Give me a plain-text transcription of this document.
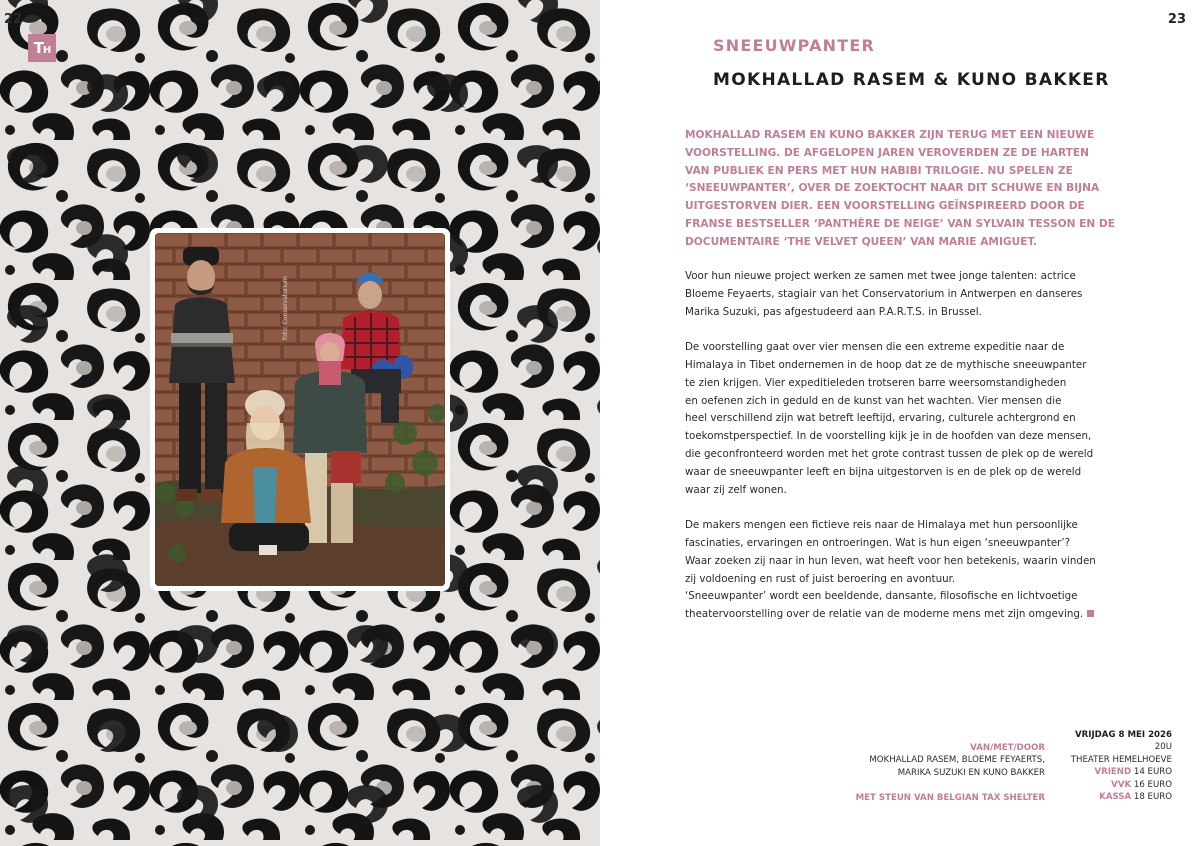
22
TH
foto: Conservatorium
23
SNEEUWPANTER
MOKHALLAD RASEM & KUNO BAKKER
MOKHALLAD RASEM EN KUNO BAKKER ZIJN TERUG MET EEN NIEUWE
VOORSTELLING. DE AFGELOPEN JAREN VEROVERDEN ZE DE HARTEN
VAN PUBLIEK EN PERS MET HUN HABIBI TRILOGIE. NU SPELEN ZE
‘SNEEUWPANTER’, OVER DE ZOEKTOCHT NAAR DIT SCHUWE EN BIJNA
UITGESTORVEN DIER. EEN VOORSTELLING GEÏNSPIREERD DOOR DE
FRANSE BESTSELLER ‘PANTHÈRE DE NEIGE’ VAN SYLVAIN TESSON EN DE
DOCUMENTAIRE ‘THE VELVET QUEEN’ VAN MARIE AMIGUET.
Voor hun nieuwe project werken ze samen met twee jonge talenten: actrice
Bloeme Feyaerts, stagiair van het Conservatorium in Antwerpen en danseres
Marika Suzuki, pas afgestudeerd aan P.A.R.T.S. in Brussel.
De voorstelling gaat over vier mensen die een extreme expeditie naar de
Himalaya in Tibet ondernemen in de hoop dat ze de mythische sneeuwpanter
te zien krijgen. Vier expeditieleden trotseren barre weersomstandigheden
en oefenen zich in geduld en de kunst van het wachten. Vier mensen die
heel verschillend zijn wat betreft leeftijd, ervaring, culturele achtergrond en
toekomstperspectief. In de voorstelling kijk je in de hoofden van deze mensen,
die geconfronteerd worden met het grote contrast tussen de plek op de wereld
waar de sneeuwpanter leeft en bijna uitgestorven is en de plek op de wereld
waar zij zelf wonen.
De makers mengen een fictieve reis naar de Himalaya met hun persoonlijke
fascinaties, ervaringen en ontroeringen. Wat is hun eigen ‘sneeuwpanter’?
Waar zoeken zij naar in hun leven, wat heeft voor hen betekenis, waarin vinden
zij voldoening en rust of juist beroering en avontuur.
‘Sneeuwpanter’ wordt een beeldende, dansante, filosofische en lichtvoetige
theatervoorstelling over de relatie van de moderne mens met zijn omgeving.
VAN/MET/DOOR
MOKHALLAD RASEM, BLOEME FEYAERTS,
MARIKA SUZUKI EN KUNO BAKKER
MET STEUN VAN BELGIAN TAX SHELTER
VRIJDAG 8 MEI 2026
20U
THEATER HEMELHOEVE
VRIEND 14 EURO
VVK 16 EURO
KASSA 18 EURO
